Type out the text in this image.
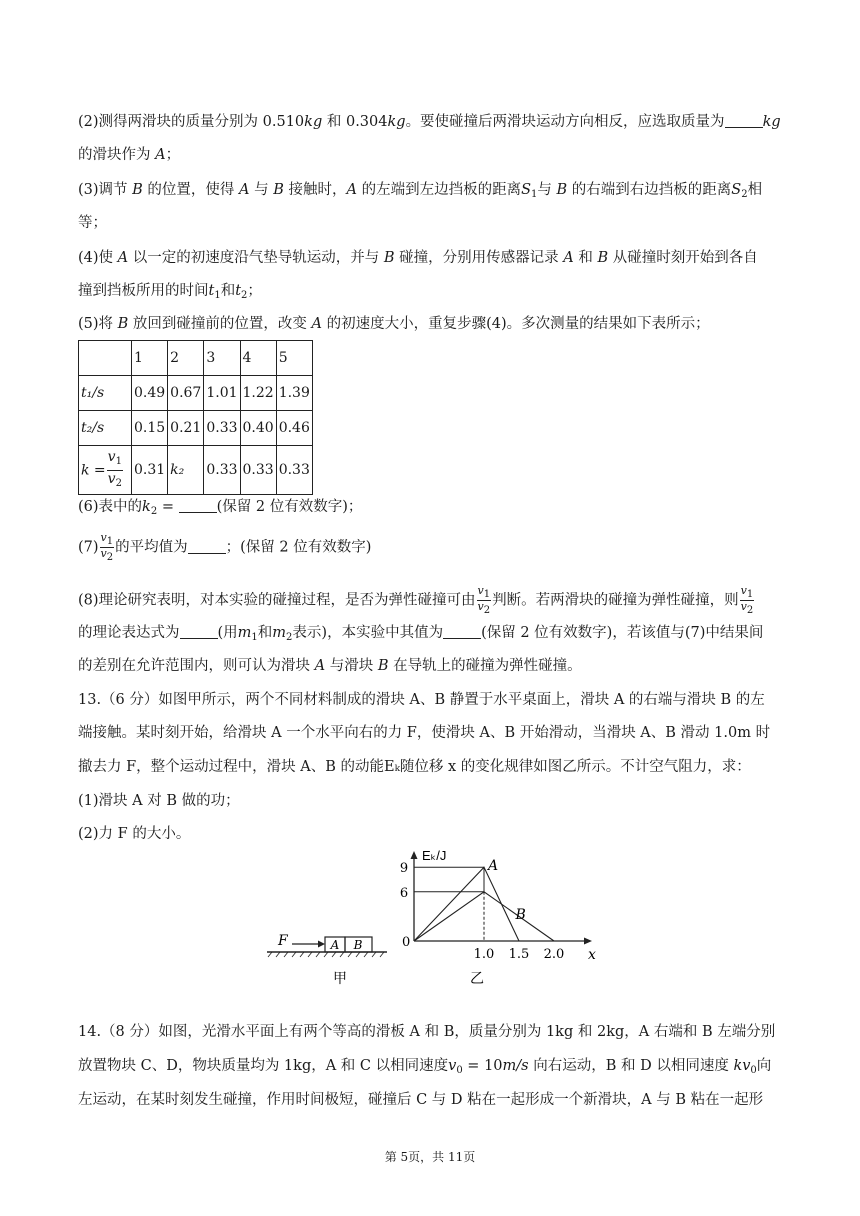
(2)测得两滑块的质量分别为 0.510kg 和 0.304kg。要使碰撞后两滑块运动方向相反，应选取质量为	kg
的滑块作为 A；
(3)调节 B 的位置，使得 A 与 B 接触时，A 的左端到左边挡板的距离$S_1$与 B 的右端到右边挡板的距离$S_2$相
等；
(4)使 A 以一定的初速度沿气垫导轨运动，并与 B 碰撞，分别用传感器记录 A 和 B 从碰撞时刻开始到各自
撞到挡板所用的时间$t_1$和$t_2$；
(5)将 B 放回到碰撞前的位置，改变 A 的初速度大小，重复步骤(4)。多次测量的结果如下表所示；
	1	2	3	4	5
t₁/s	0.49	0.67	1.01	1.22	1.39
t₂/s	0.15	0.21	0.33	0.40	0.46
$k = \frac{v_1}{v_2}$	0.31	k₂	0.33	0.33	0.33
(6)表中的$k_2$ =	(保留 2 位有效数字)；
$(7) \frac{v1}{v2}$ 的平均值为	；(保留 2 位有效数字)
(8)理论研究表明，对本实验的碰撞过程，是否为弹性碰撞可由 $\frac{v1}{v2}$ 判断。若两滑块的碰撞为弹性碰撞，则 $\frac{v1}{v2}$
的理论表达式为	(用$m_1$和$m_2$表示)，本实验中其值为	(保留 2 位有效数字)，若该值与(7)中结果间
的差别在允许范围内，则可认为滑块 A 与滑块 B 在导轨上的碰撞为弹性碰撞。
13.（6 分）如图甲所示，两个不同材料制成的滑块 A、B 静置于水平桌面上，滑块 A 的右端与滑块 B 的左
端接触。某时刻开始，给滑块 A 一个水平向右的力 F，使滑块 A、B 开始滑动，当滑块 A、B 滑动 1.0m 时
撤去力 F，整个运动过程中，滑块 A、B 的动能Eₖ随位移 x 的变化规律如图乙所示。不计空气阻力，求：
(1)滑块 A 对 B 做的功；
(2)力 F 的大小。
A B
F
甲
Eₖ/J
x
0
A
B
9
6
1.0 1.5 2.0
乙
14.（8 分）如图，光滑水平面上有两个等高的滑板 A 和 B，质量分别为 1kg 和 2kg，A 右端和 B 左端分别
放置物块 C、D，物块质量均为 1kg，A 和 C 以相同速度$v_0 = 10m/s$ 向右运动，B 和 D 以相同速度 $kv_0$向
左运动，在某时刻发生碰撞，作用时间极短，碰撞后 C 与 D 粘在一起形成一个新滑块，A 与 B 粘在一起形
第 5页，共 11页
